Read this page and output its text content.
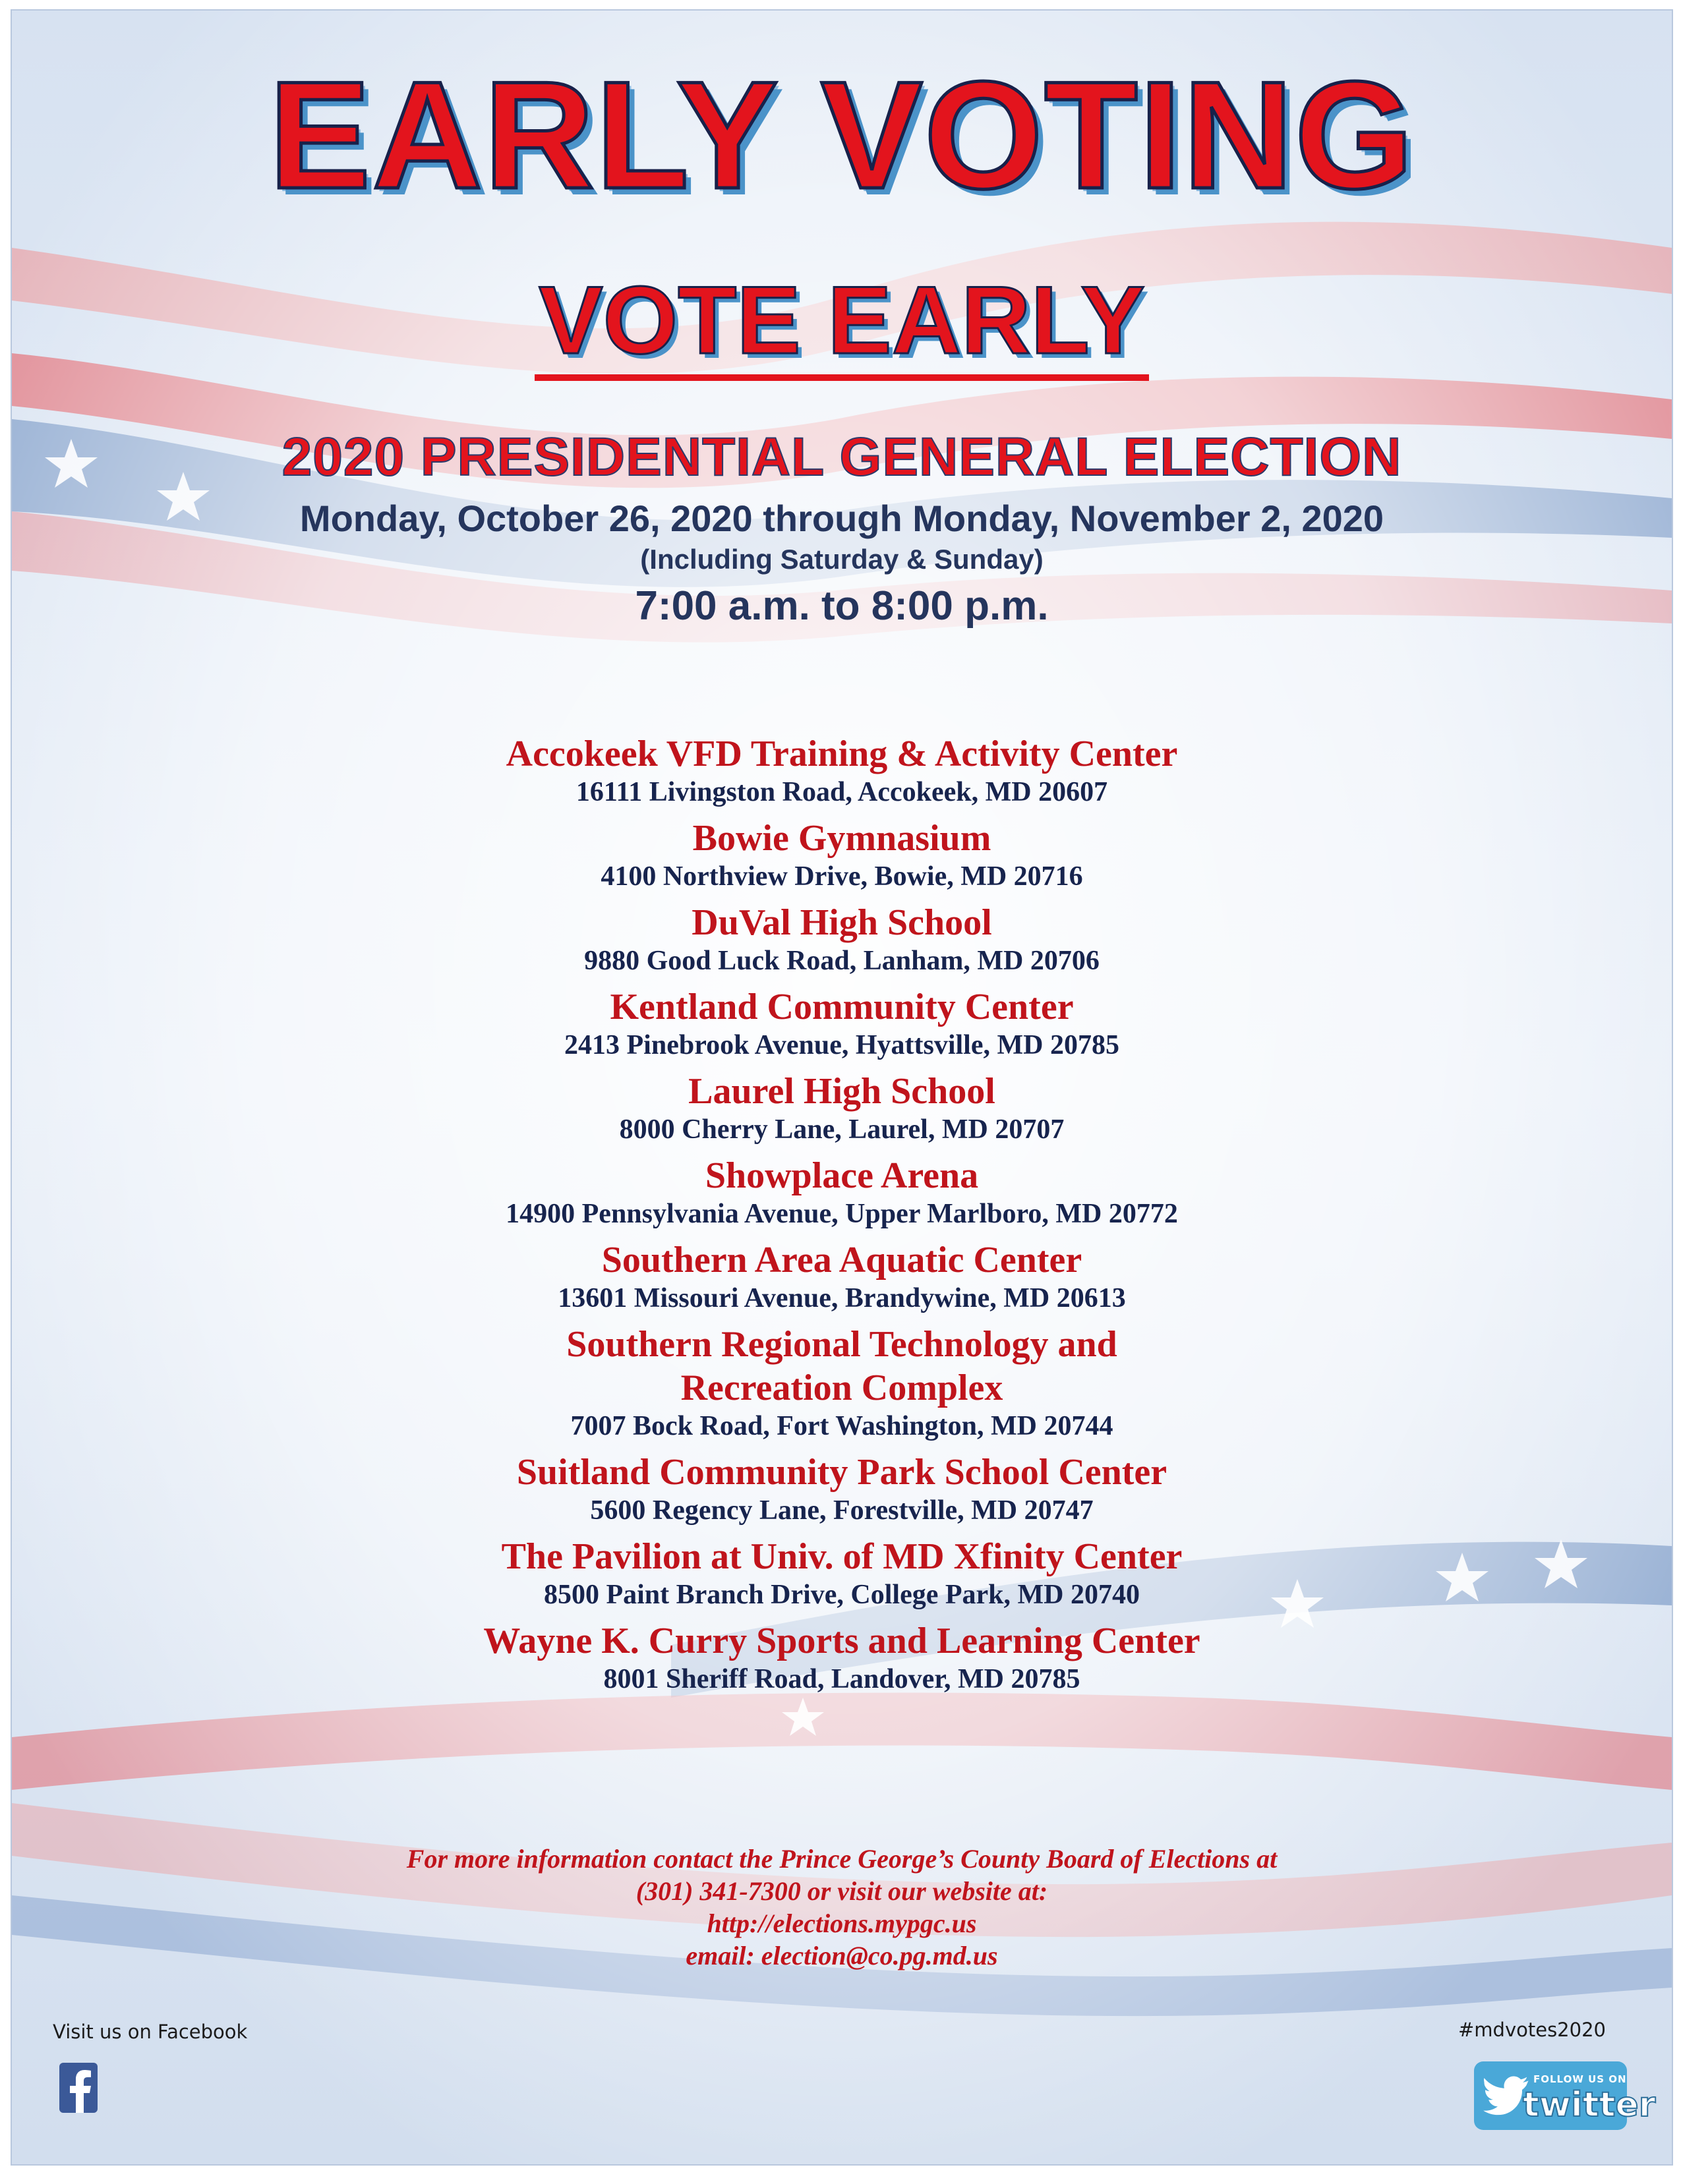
EARLY VOTING
VOTE EARLY
2020 PRESIDENTIAL GENERAL ELECTION
Monday, October 26, 2020 through Monday, November 2, 2020
(Including Saturday & Sunday)
7:00 a.m. to 8:00 p.m.
Accokeek VFD Training & Activity Center
16111 Livingston Road, Accokeek, MD 20607
Bowie Gymnasium
4100 Northview Drive, Bowie, MD 20716
DuVal High School
9880 Good Luck Road, Lanham, MD 20706
Kentland Community Center
2413 Pinebrook Avenue, Hyattsville, MD 20785
Laurel High School
8000 Cherry Lane, Laurel, MD 20707
Showplace Arena
14900 Pennsylvania Avenue, Upper Marlboro, MD 20772
Southern Area Aquatic Center
13601 Missouri Avenue, Brandywine, MD 20613
Southern Regional Technology and
Recreation Complex
7007 Bock Road, Fort Washington, MD 20744
Suitland Community Park School Center
5600 Regency Lane, Forestville, MD 20747
The Pavilion at Univ. of MD Xfinity Center
8500 Paint Branch Drive, College Park, MD 20740
Wayne K. Curry Sports and Learning Center
8001 Sheriff Road, Landover, MD 20785
For more information contact the Prince George’s County Board of Elections at
(301) 341-7300 or visit our website at:
http://elections.mypgc.us
email: election@co.pg.md.us
Visit us on Facebook	#mdvotes2020
FOLLOW US ON
twitter
